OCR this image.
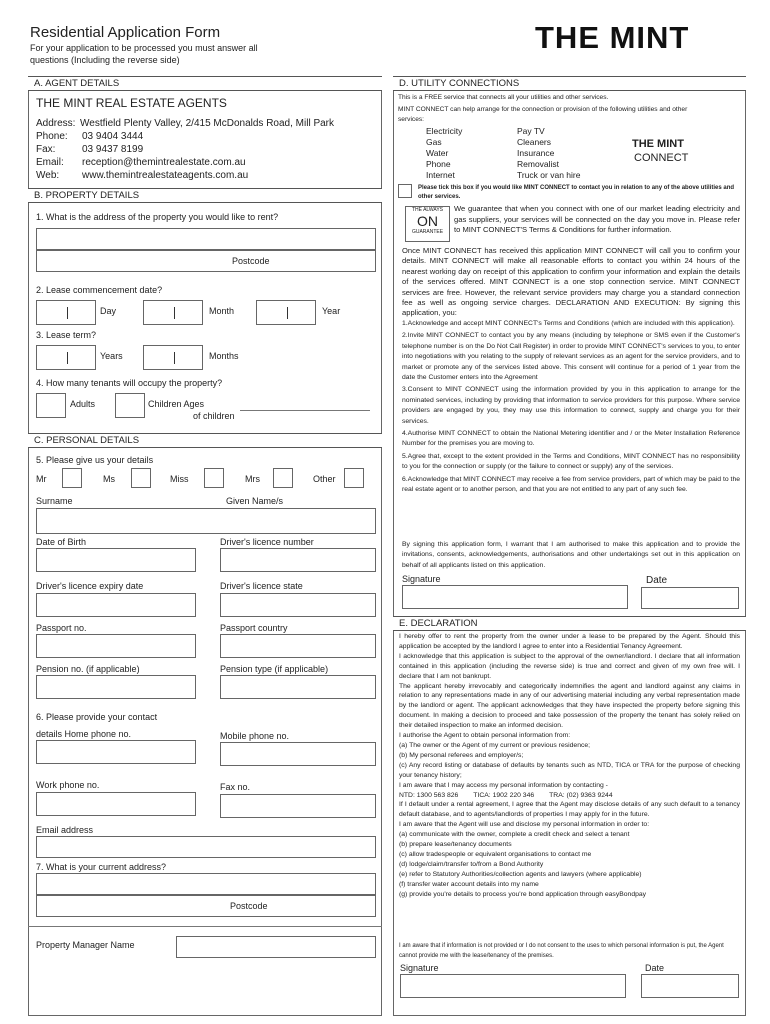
Residential Application Form
For your application to be processed you must answer all questions (Including the reverse side)
THE MINT
A. AGENT DETAILS
THE MINT REAL ESTATE AGENTS
Address: Westfield Plenty Valley, 2/415 McDonalds Road, Mill Park
Phone: 03 9404 3444
Fax:	03 9437 8199
Email: reception@themintrealestate.com.au
Web: www.themintrealestateagents.com.au
B. PROPERTY DETAILS
1. What is the address of the property you would like to rent?
Postcode
2. Lease commencement date?
Day	Month	Year
3. Lease term?
Years	Months
4. How many tenants will occupy the property?
Adults	Children Ages
of children
C. PERSONAL DETAILS
5. Please give us your details
Mr	Ms	Miss	Mrs	Other
Surname	Given Name/s
Date of Birth	Driver's licence number
Driver's licence expiry date	Driver's licence state
Passport no.	Passport country
Pension no. (if applicable)	Pension type (if applicable)
6. Please provide your contact
details Home phone no.	Mobile phone no.
Work phone no.	Fax no.
Email address
7. What is your current address?
Postcode
Property Manager Name
D. UTILITY CONNECTIONS
This is a FREE service that connects all your utilities and other services.
MINT CONNECT can help arrange for the connection or provision of the following utilities and other services:
Electricity
Gas
Water
Phone
Internet
Pay TV
Cleaners
Insurance
Removalist
Truck or van hire
THE MINT
CONNECT
Please tick this box if you would like MINT CONNECT to contact you in relation to any of the above utilities and other services.
THE ALWAYS
ON
GUARANTEE
We guarantee that when you connect with one of our market leading electricity and gas suppliers, your services will be connected on the day you move in. Please refer to MINT CONNECT'S Terms & Conditions for further information.
Once MINT CONNECT has received this application MINT CONNECT will call you to confirm your details. MINT CONNECT will make all reasonable efforts to contact you within 24 hours of the nearest working day on receipt of this application to confirm your information and explain the details of the services offered. MINT CONNECT is a one stop connection service. MINT CONNECT services are free. However, the relevant service providers may charge you a standard connection fee as well as ongoing service charges. DECLARATION AND EXECUTION: By signing this application, you:
1.Acknowledge and accept MINT CONNECT's Terms and Conditions (which are included with this application).
2.Invite MINT CONNECT to contact you by any means (including by telephone or SMS even if the Customer's telephone number is on the Do Not Call Register) in order to provide MINT CONNECT's services to you, to enter into negotiations with you relating to the supply of relevant services as an agent for the service providers, and to market or promote any of the services listed above. This consent will continue for a period of 1 year from the date the Customer enters into the Agreement
3.Consent to MINT CONNECT using the information provided by you in this application to arrange for the nominated services, including by providing that information to service providers for this purpose. Where service providers are engaged by you, they may use this information to connect, supply and charge you for their services.
4.Authorise MINT CONNECT to obtain the National Metering identifier and / or the Meter Installation Reference Number for the premises you are moving to.
5.Agree that, except to the extent provided in the Terms and Conditions, MINT CONNECT has no responsibility to you for the connection or supply (or the failure to connect or supply) any of the services.
6.Acknowledge that MINT CONNECT may receive a fee from service providers, part of which may be paid to the real estate agent or to another person, and that you are not entitled to any part of any such fee.
By signing this application form, I warrant that I am authorised to make this application and to provide the invitations, consents, acknowledgements, authorisations and other undertakings set out in this application on behalf of all applicants listed on this application.
Signature	Date
E. DECLARATION
I hereby offer to rent the property from the owner under a lease to be prepared by the Agent. Should this application be accepted by the landlord I agree to enter into a Residential Tenancy Agreement.
I acknowledge that this application is subject to the approval of the owner/landlord. I declare that all information contained in this application (including the reverse side) is true and correct and given of my own free will. I declare that I am not bankrupt.
The applicant hereby irrevocably and categorically indemnifies the agent and landlord against any claims in relation to any representations made in any of our advertising material including any verbal representation made by the landlord or agent. The applicant acknowledges that they have inspected the property before signing this document. In making a decision to proceed and take possession of the property the tenant has solely relied on their detailed inspection to make an informed decision.
I authorise the Agent to obtain personal information from:
(a) The owner or the Agent of my current or previous residence;
(b) My personal referees and employer/s;
(c) Any record listing or database of defaults by tenants such as NTD, TICA or TRA for the purpose of checking your tenancy history;
I am aware that I may access my personal information by contacting -
NTD: 1300 563 826        TICA: 1902 220 346        TRA: (02) 9363 9244
If I default under a rental agreement, I agree that the Agent may disclose details of any such default to a tenancy default database, and to agents/landlords of properties I may apply for in the future.
I am aware that the Agent will use and disclose my personal information in order to:
(a) communicate with the owner, complete a credit check and select a tenant
(b) prepare lease/tenancy documents
(c) allow tradespeople or equivalent organisations to contact me
(d) lodge/claim/transfer to/from a Bond Authority
(e) refer to Statutory Authorities/collection agents and lawyers (where applicable)
(f) transfer water account details into my name
(g) provide you're details to process you're bond application through easyBondpay
I am aware that if information is not provided or I do not consent to the uses to which personal information is put, the Agent cannot provide me with the lease/tenancy of the premises.
Signature	Date
